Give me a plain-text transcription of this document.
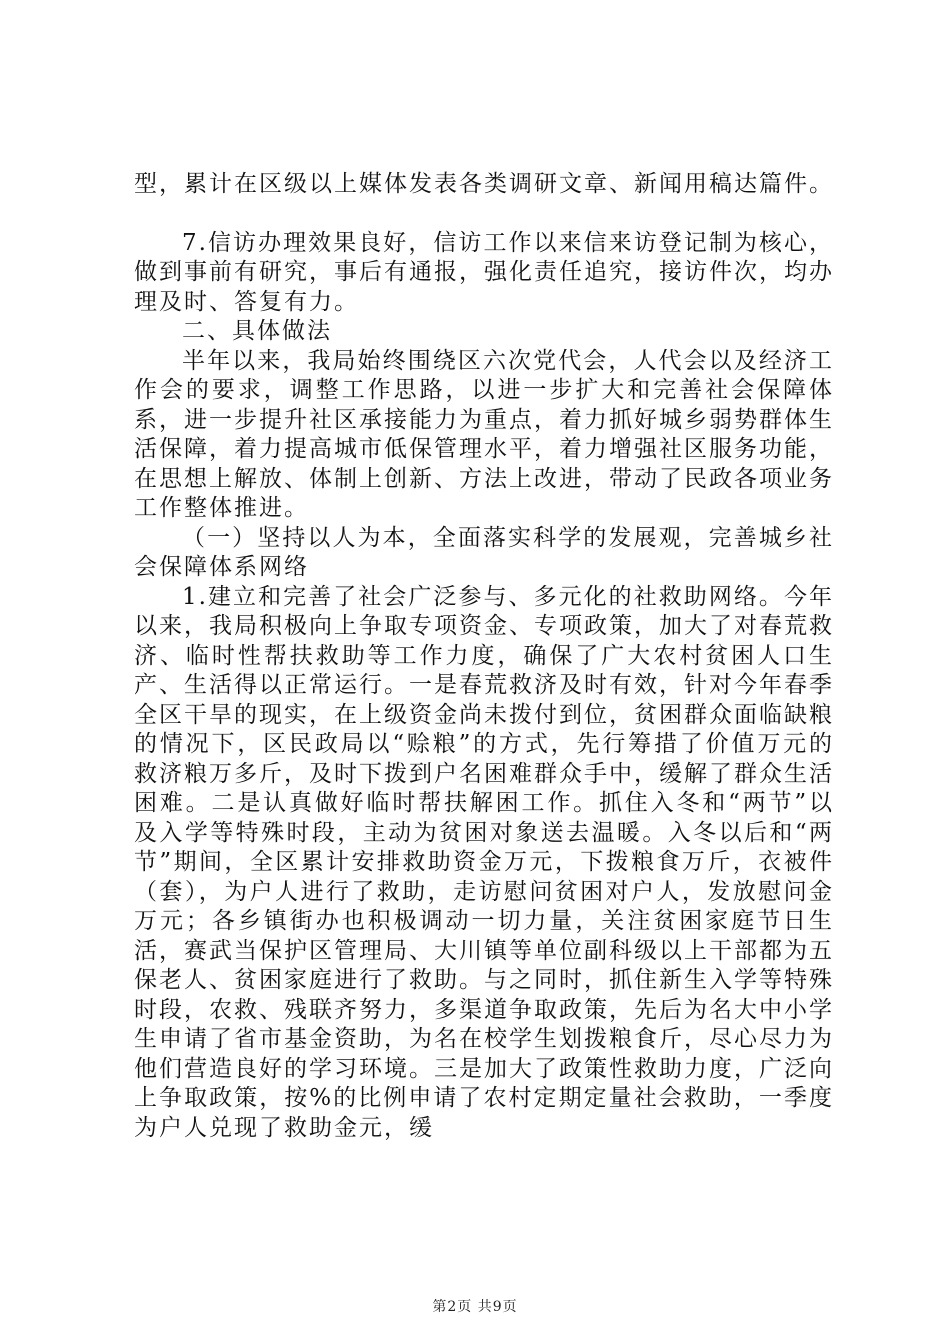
型，累计在区级以上媒体发表各类调研文章、新闻用稿达篇件。

7.信访办理效果良好，信访工作以来信来访登记制为核心，做到事前有研究，事后有通报，强化责任追究，接访件次，均办理及时、答复有力。

二、具体做法

半年以来，我局始终围绕区六次党代会，人代会以及经济工作会的要求，调整工作思路，以进一步扩大和完善社会保障体系，进一步提升社区承接能力为重点，着力抓好城乡弱势群体生活保障，着力提高城市低保管理水平，着力增强社区服务功能，在思想上解放、体制上创新、方法上改进，带动了民政各项业务工作整体推进。

（一）坚持以人为本，全面落实科学的发展观，完善城乡社会保障体系网络

1.建立和完善了社会广泛参与、多元化的社救助网络。今年以来，我局积极向上争取专项资金、专项政策，加大了对春荒救济、临时性帮扶救助等工作力度，确保了广大农村贫困人口生产、生活得以正常运行。一是春荒救济及时有效，针对今年春季全区干旱的现实，在上级资金尚未拨付到位，贫困群众面临缺粮的情况下，区民政局以“赊粮”的方式，先行筹措了价值万元的救济粮万多斤，及时下拨到户名困难群众手中，缓解了群众生活困难。二是认真做好临时帮扶解困工作。抓住入冬和“两节”以及入学等特殊时段，主动为贫困对象送去温暖。入冬以后和“两节”期间，全区累计安排救助资金万元，下拨粮食万斤，衣被件（套），为户人进行了救助，走访慰问贫困对户人，发放慰问金万元；各乡镇街办也积极调动一切力量，关注贫困家庭节日生活，赛武当保护区管理局、大川镇等单位副科级以上干部都为五保老人、贫困家庭进行了救助。与之同时，抓住新生入学等特殊时段，农救、残联齐努力，多渠道争取政策，先后为名大中小学生申请了省市基金资助，为名在校学生划拨粮食斤，尽心尽力为他们营造良好的学习环境。三是加大了政策性救助力度，广泛向上争取政策，按%的比例申请了农村定期定量社会救助，一季度为户人兑现了救助金元，缓

第2页 共9页
